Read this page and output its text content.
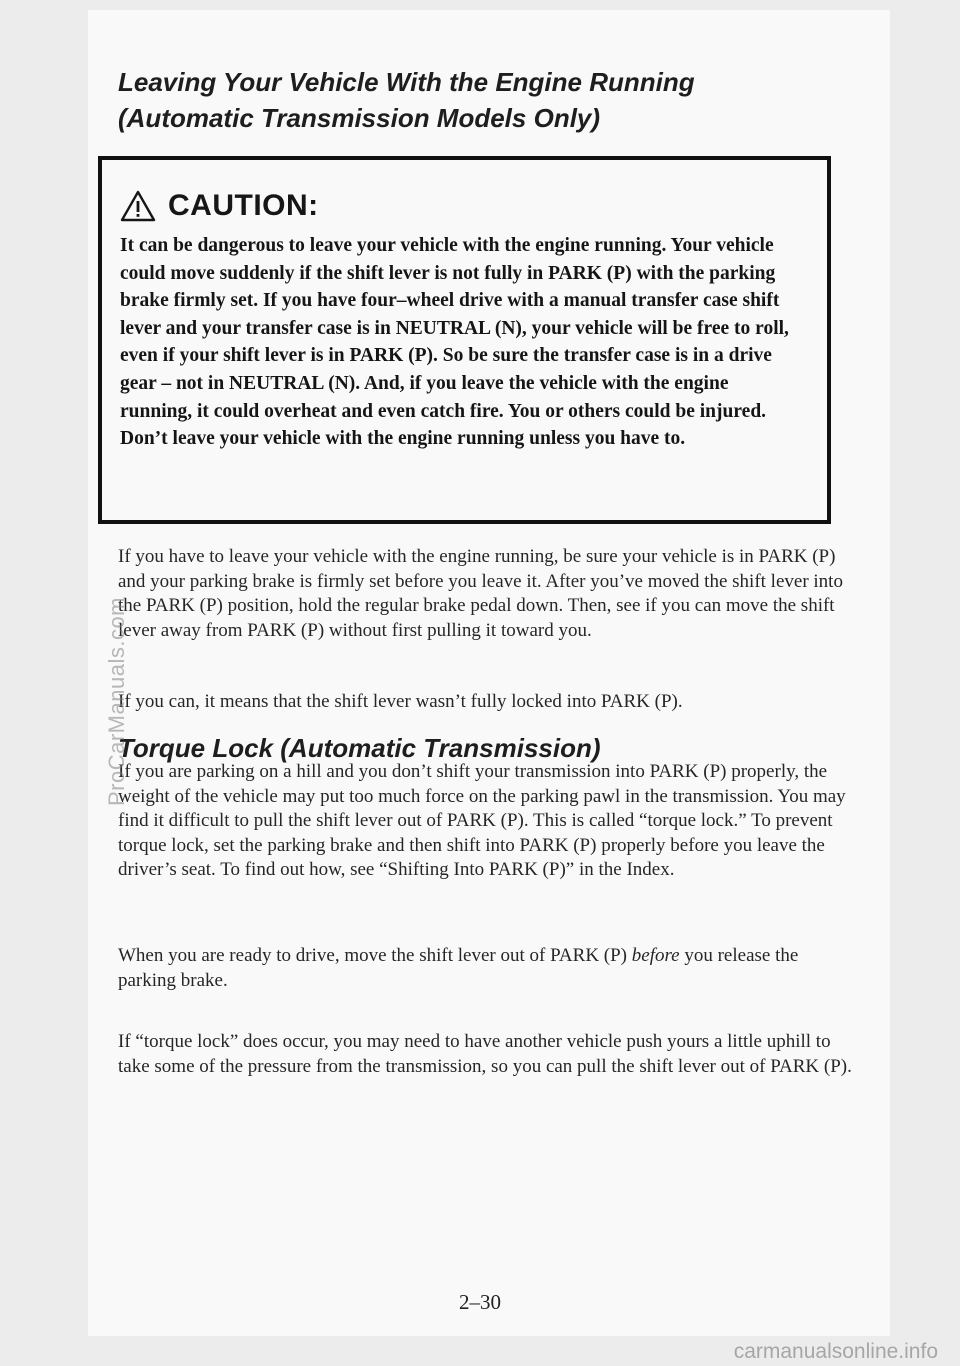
Leaving Your Vehicle With the Engine Running (Automatic Transmission Models Only)
CAUTION:

It can be dangerous to leave your vehicle with the engine running. Your vehicle could move suddenly if the shift lever is not fully in PARK (P) with the parking brake firmly set. If you have four–wheel drive with a manual transfer case shift lever and your transfer case is in NEUTRAL (N), your vehicle will be free to roll, even if your shift lever is in PARK (P). So be sure the transfer case is in a drive gear – not in NEUTRAL (N). And, if you leave the vehicle with the engine running, it could overheat and even catch fire. You or others could be injured. Don’t leave your vehicle with the engine running unless you have to.

If you have to leave your vehicle with the engine running, be sure your vehicle is in PARK (P) and your parking brake is firmly set before you leave it. After you’ve moved the shift lever into the PARK (P) position, hold the regular brake pedal down. Then, see if you can move the shift lever away from PARK (P) without first pulling it toward you.

If you can, it means that the shift lever wasn’t fully locked into PARK (P).

Torque Lock (Automatic Transmission)

If you are parking on a hill and you don’t shift your transmission into PARK (P) properly, the weight of the vehicle may put too much force on the parking pawl in the transmission. You may find it difficult to pull the shift lever out of PARK (P). This is called “torque lock.” To prevent torque lock, set the parking brake and then shift into PARK (P) properly before you leave the driver’s seat. To find out how, see “Shifting Into PARK (P)” in the Index.

When you are ready to drive, move the shift lever out of PARK (P) before you release the parking brake.

If “torque lock” does occur, you may need to have another vehicle push yours a little uphill to take some of the pressure from the transmission, so you can pull the shift lever out of PARK (P).

2–30

ProCarManuals.com
carmanualsonline.info
